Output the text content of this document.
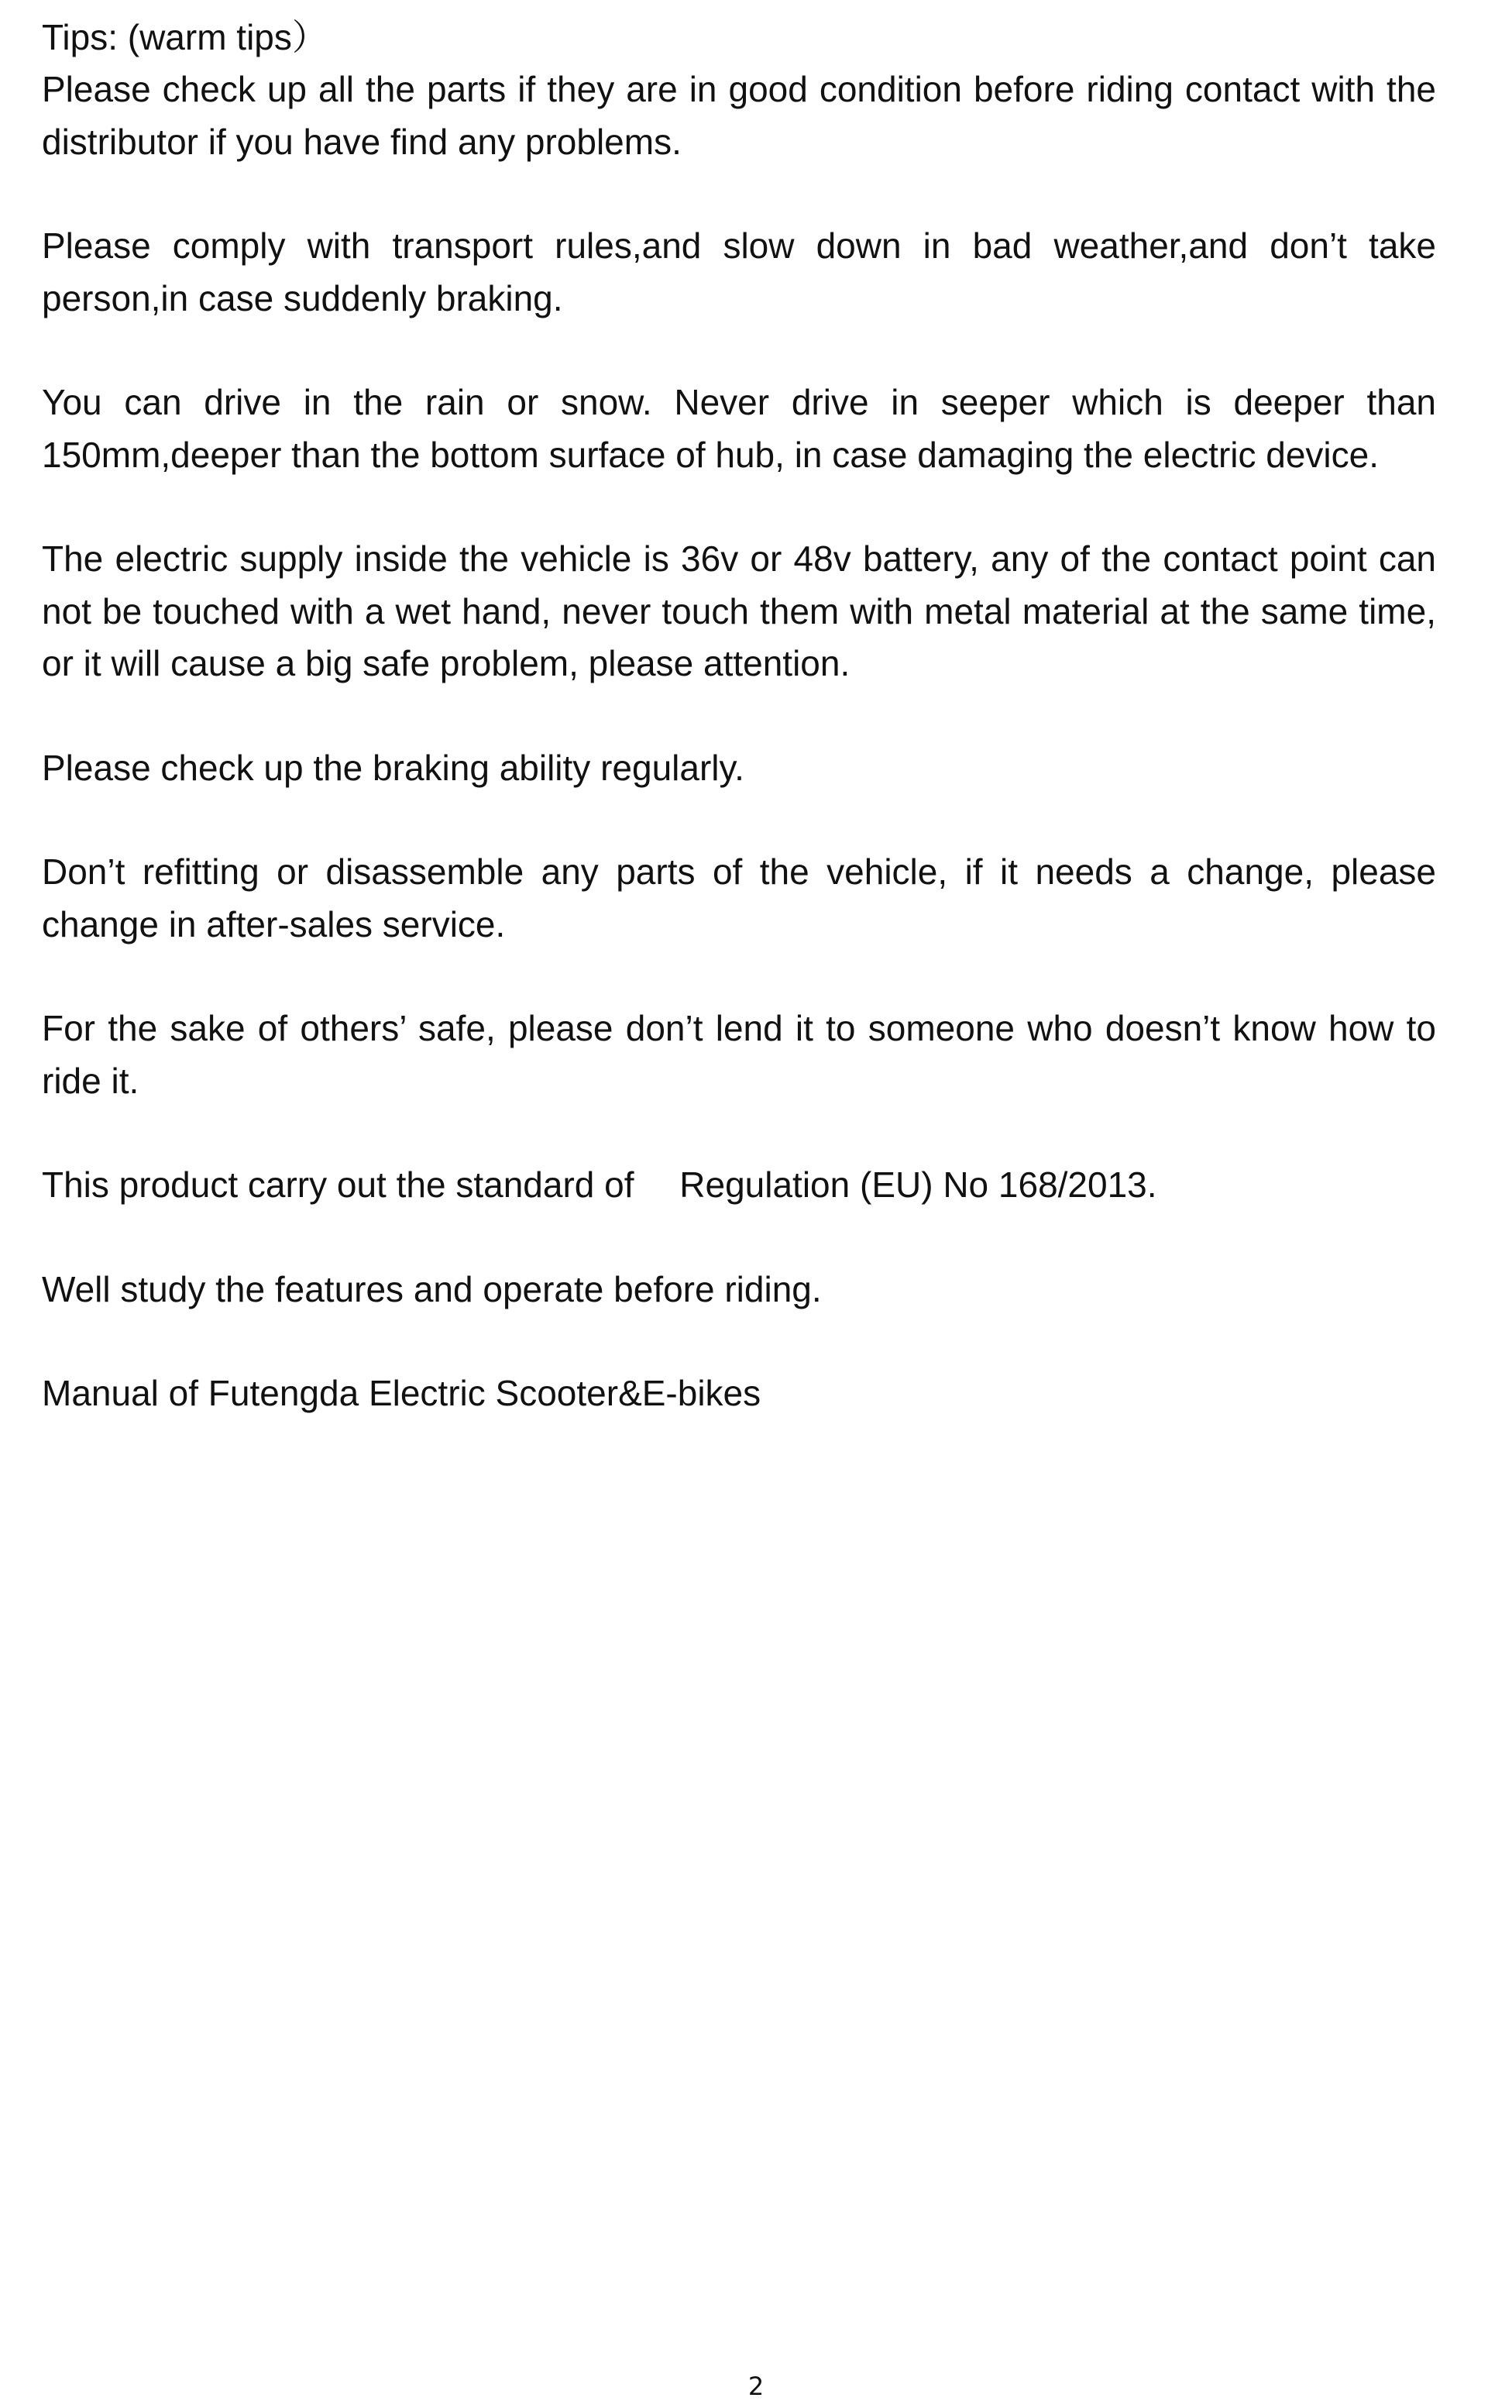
Tips: (warm tips）

Please check up all the parts if they are in good condition before riding contact with the distributor if you have find any problems.

Please comply with transport rules,and slow down in bad weather,and don’t take person,in case suddenly braking.

You can drive in the rain or snow. Never drive in seeper which is deeper than 150mm,deeper than the bottom surface of hub, in case damaging the electric device.

The electric supply inside the vehicle is 36v or 48v battery, any of the contact point can not be touched with a wet hand, never touch them with metal material at the same time, or it will cause a big safe problem, please attention.

Please check up the braking ability regularly.

Don’t refitting or disassemble any parts of the vehicle, if it needs a change, please change in after-sales service.

For the sake of others’ safe, please don’t lend it to someone who doesn’t know how to ride it.

This product carry out the standard of 　Regulation (EU) No 168/2013.

Well study the features and operate before riding.

Manual of Futengda Electric Scooter&E-bikes

2
